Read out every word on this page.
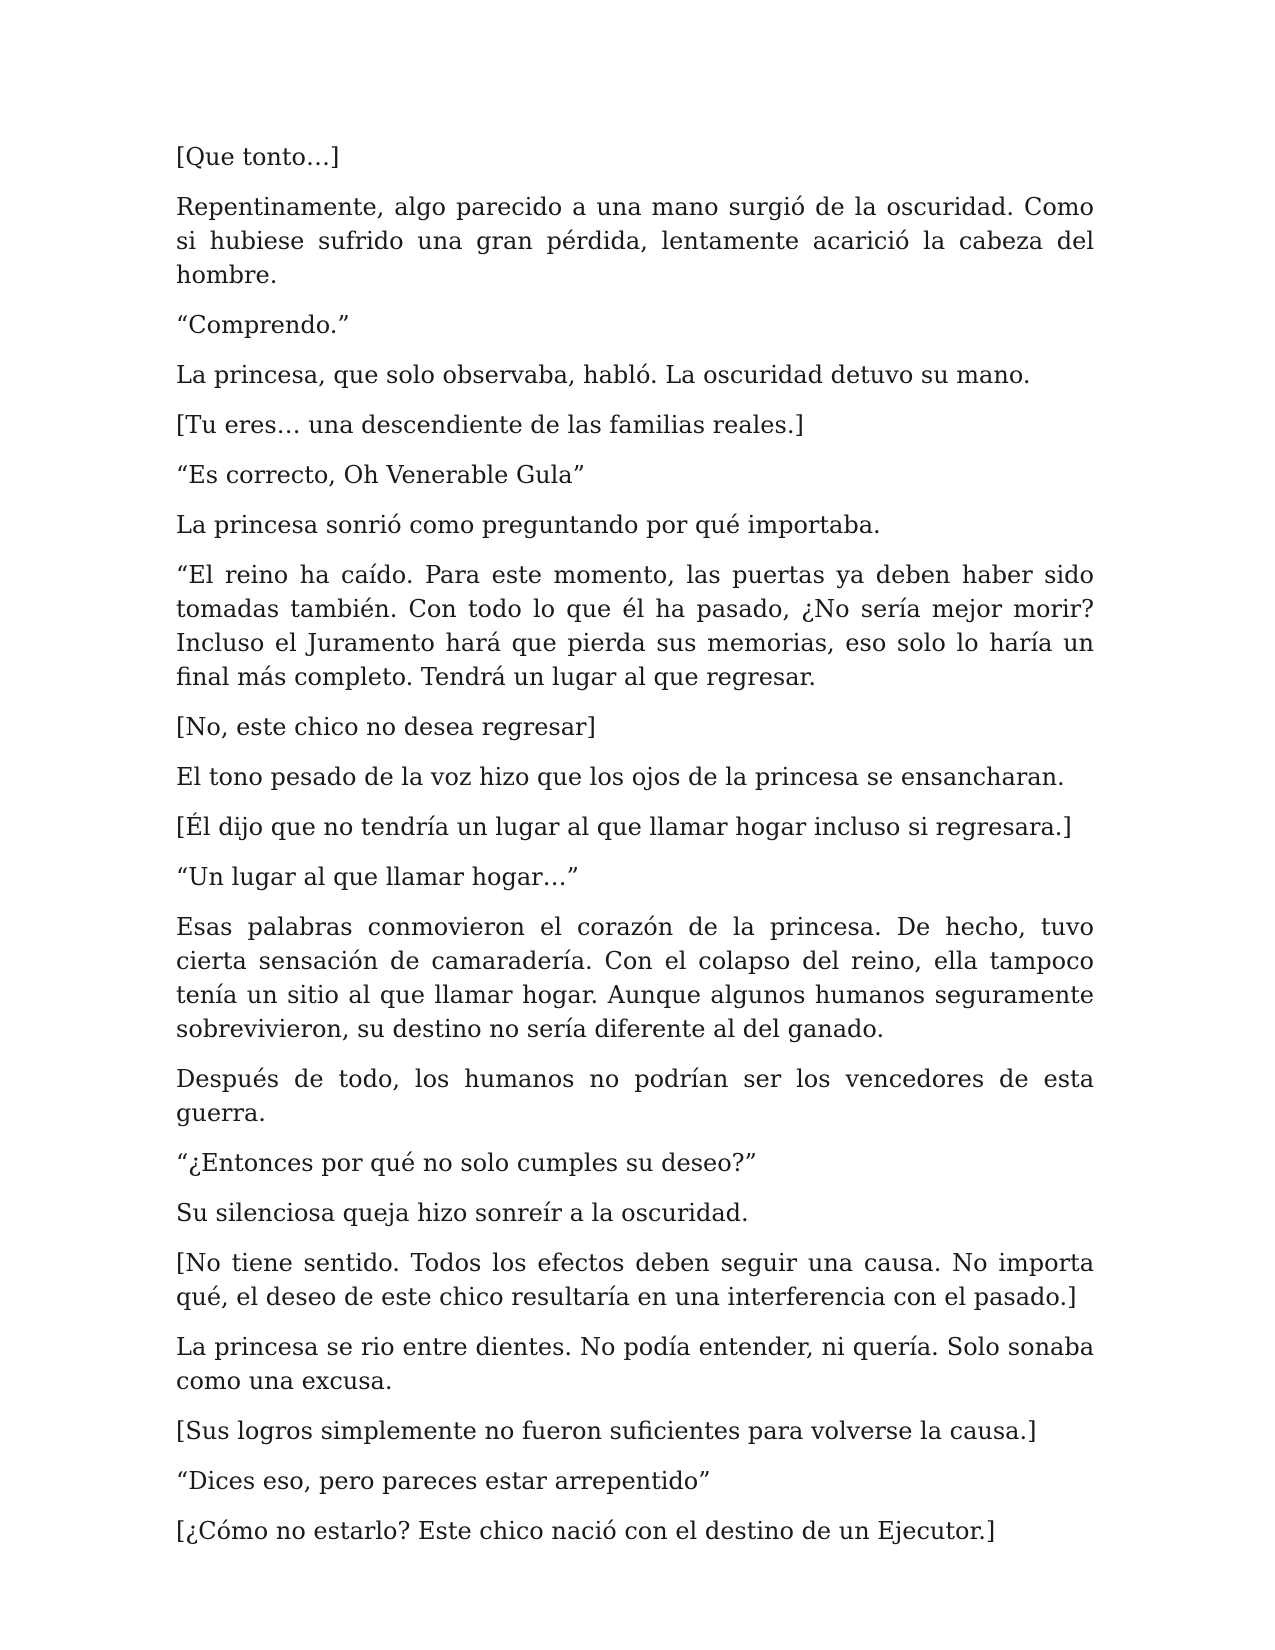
[Que tonto…]

Repentinamente, algo parecido a una mano surgió de la oscuridad. Como si hubiese sufrido una gran pérdida, lentamente acarició la cabeza del hombre.

“Comprendo.”

La princesa, que solo observaba, habló. La oscuridad detuvo su mano.

[Tu eres… una descendiente de las familias reales.]

“Es correcto, Oh Venerable Gula”

La princesa sonrió como preguntando por qué importaba.

“El reino ha caído. Para este momento, las puertas ya deben haber sido tomadas también. Con todo lo que él ha pasado, ¿No sería mejor morir? Incluso el Juramento hará que pierda sus memorias, eso solo lo haría un final más completo. Tendrá un lugar al que regresar.

[No, este chico no desea regresar]

El tono pesado de la voz hizo que los ojos de la princesa se ensancharan.

[Él dijo que no tendría un lugar al que llamar hogar incluso si regresara.]

“Un lugar al que llamar hogar…”

Esas palabras conmovieron el corazón de la princesa. De hecho, tuvo cierta sensación de camaradería. Con el colapso del reino, ella tampoco tenía un sitio al que llamar hogar. Aunque algunos humanos seguramente sobrevivieron, su destino no sería diferente al del ganado.

Después de todo, los humanos no podrían ser los vencedores de esta guerra.

“¿Entonces por qué no solo cumples su deseo?”

Su silenciosa queja hizo sonreír a la oscuridad.

[No tiene sentido. Todos los efectos deben seguir una causa. No importa qué, el deseo de este chico resultaría en una interferencia con el pasado.]

La princesa se rio entre dientes. No podía entender, ni quería. Solo sonaba como una excusa.

[Sus logros simplemente no fueron suficientes para volverse la causa.]

“Dices eso, pero pareces estar arrepentido”

[¿Cómo no estarlo? Este chico nació con el destino de un Ejecutor.]
